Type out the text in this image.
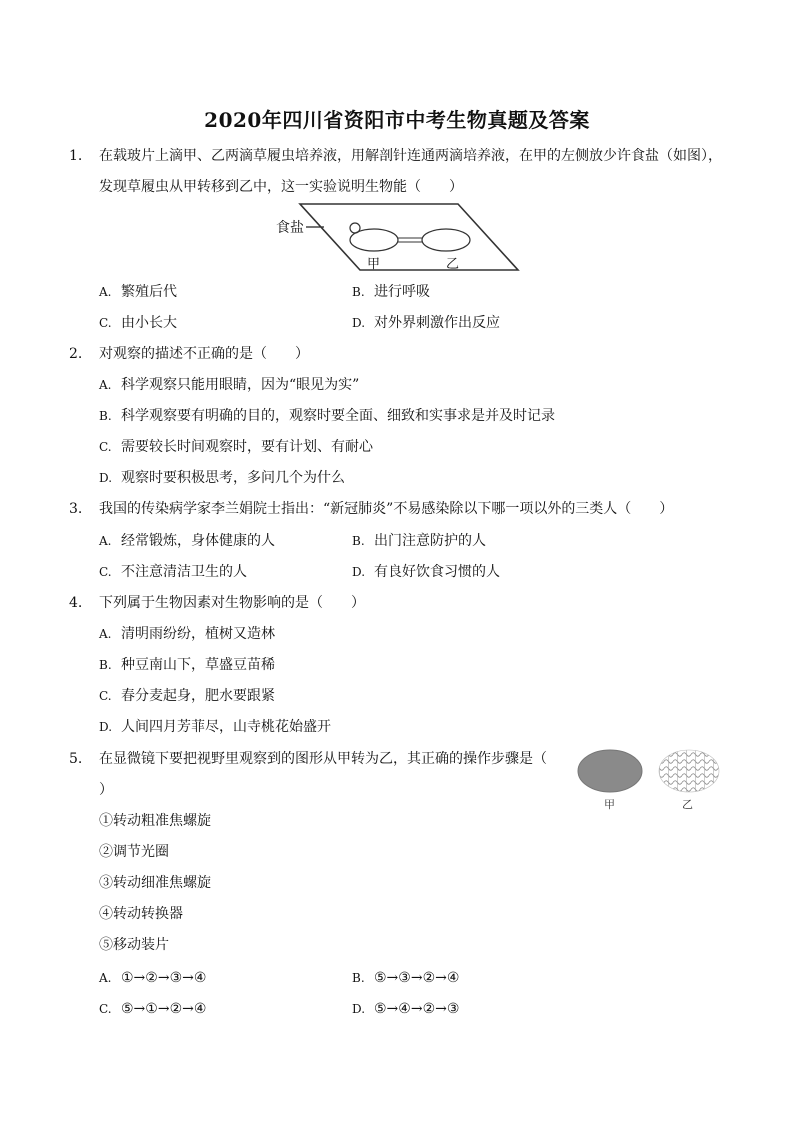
2020年四川省资阳市中考生物真题及答案
1. 在载玻片上滴甲、乙两滴草履虫培养液，用解剖针连通两滴培养液，在甲的左侧放少许食盐（如图），
发现草履虫从甲转移到乙中，这一实验说明生物能（　　）
食盐
甲	乙
A. 繁殖后代	B. 进行呼吸
C. 由小长大	D. 对外界刺激作出反应
2. 对观察的描述不正确的是（　　）
A. 科学观察只能用眼睛，因为“眼见为实”
B. 科学观察要有明确的目的，观察时要全面、细致和实事求是并及时记录
C. 需要较长时间观察时，要有计划、有耐心
D. 观察时要积极思考，多问几个为什么
3. 我国的传染病学家李兰娟院士指出：“新冠肺炎”不易感染除以下哪一项以外的三类人（　　）
A. 经常锻炼，身体健康的人	B. 出门注意防护的人
C. 不注意清洁卫生的人	D. 有良好饮食习惯的人
4. 下列属于生物因素对生物影响的是（　　）
A. 清明雨纷纷，植树又造林
B. 种豆南山下，草盛豆苗稀
C. 春分麦起身，肥水要跟紧
D. 人间四月芳菲尽，山寺桃花始盛开
5. 在显微镜下要把视野里观察到的图形从甲转为乙，其正确的操作步骤是（
）
甲	乙
①转动粗准焦螺旋
②调节光圈
③转动细准焦螺旋
④转动转换器
⑤移动装片
A. ①→②→③→④	B. ⑤→③→②→④
C. ⑤→①→②→④	D. ⑤→④→②→③
